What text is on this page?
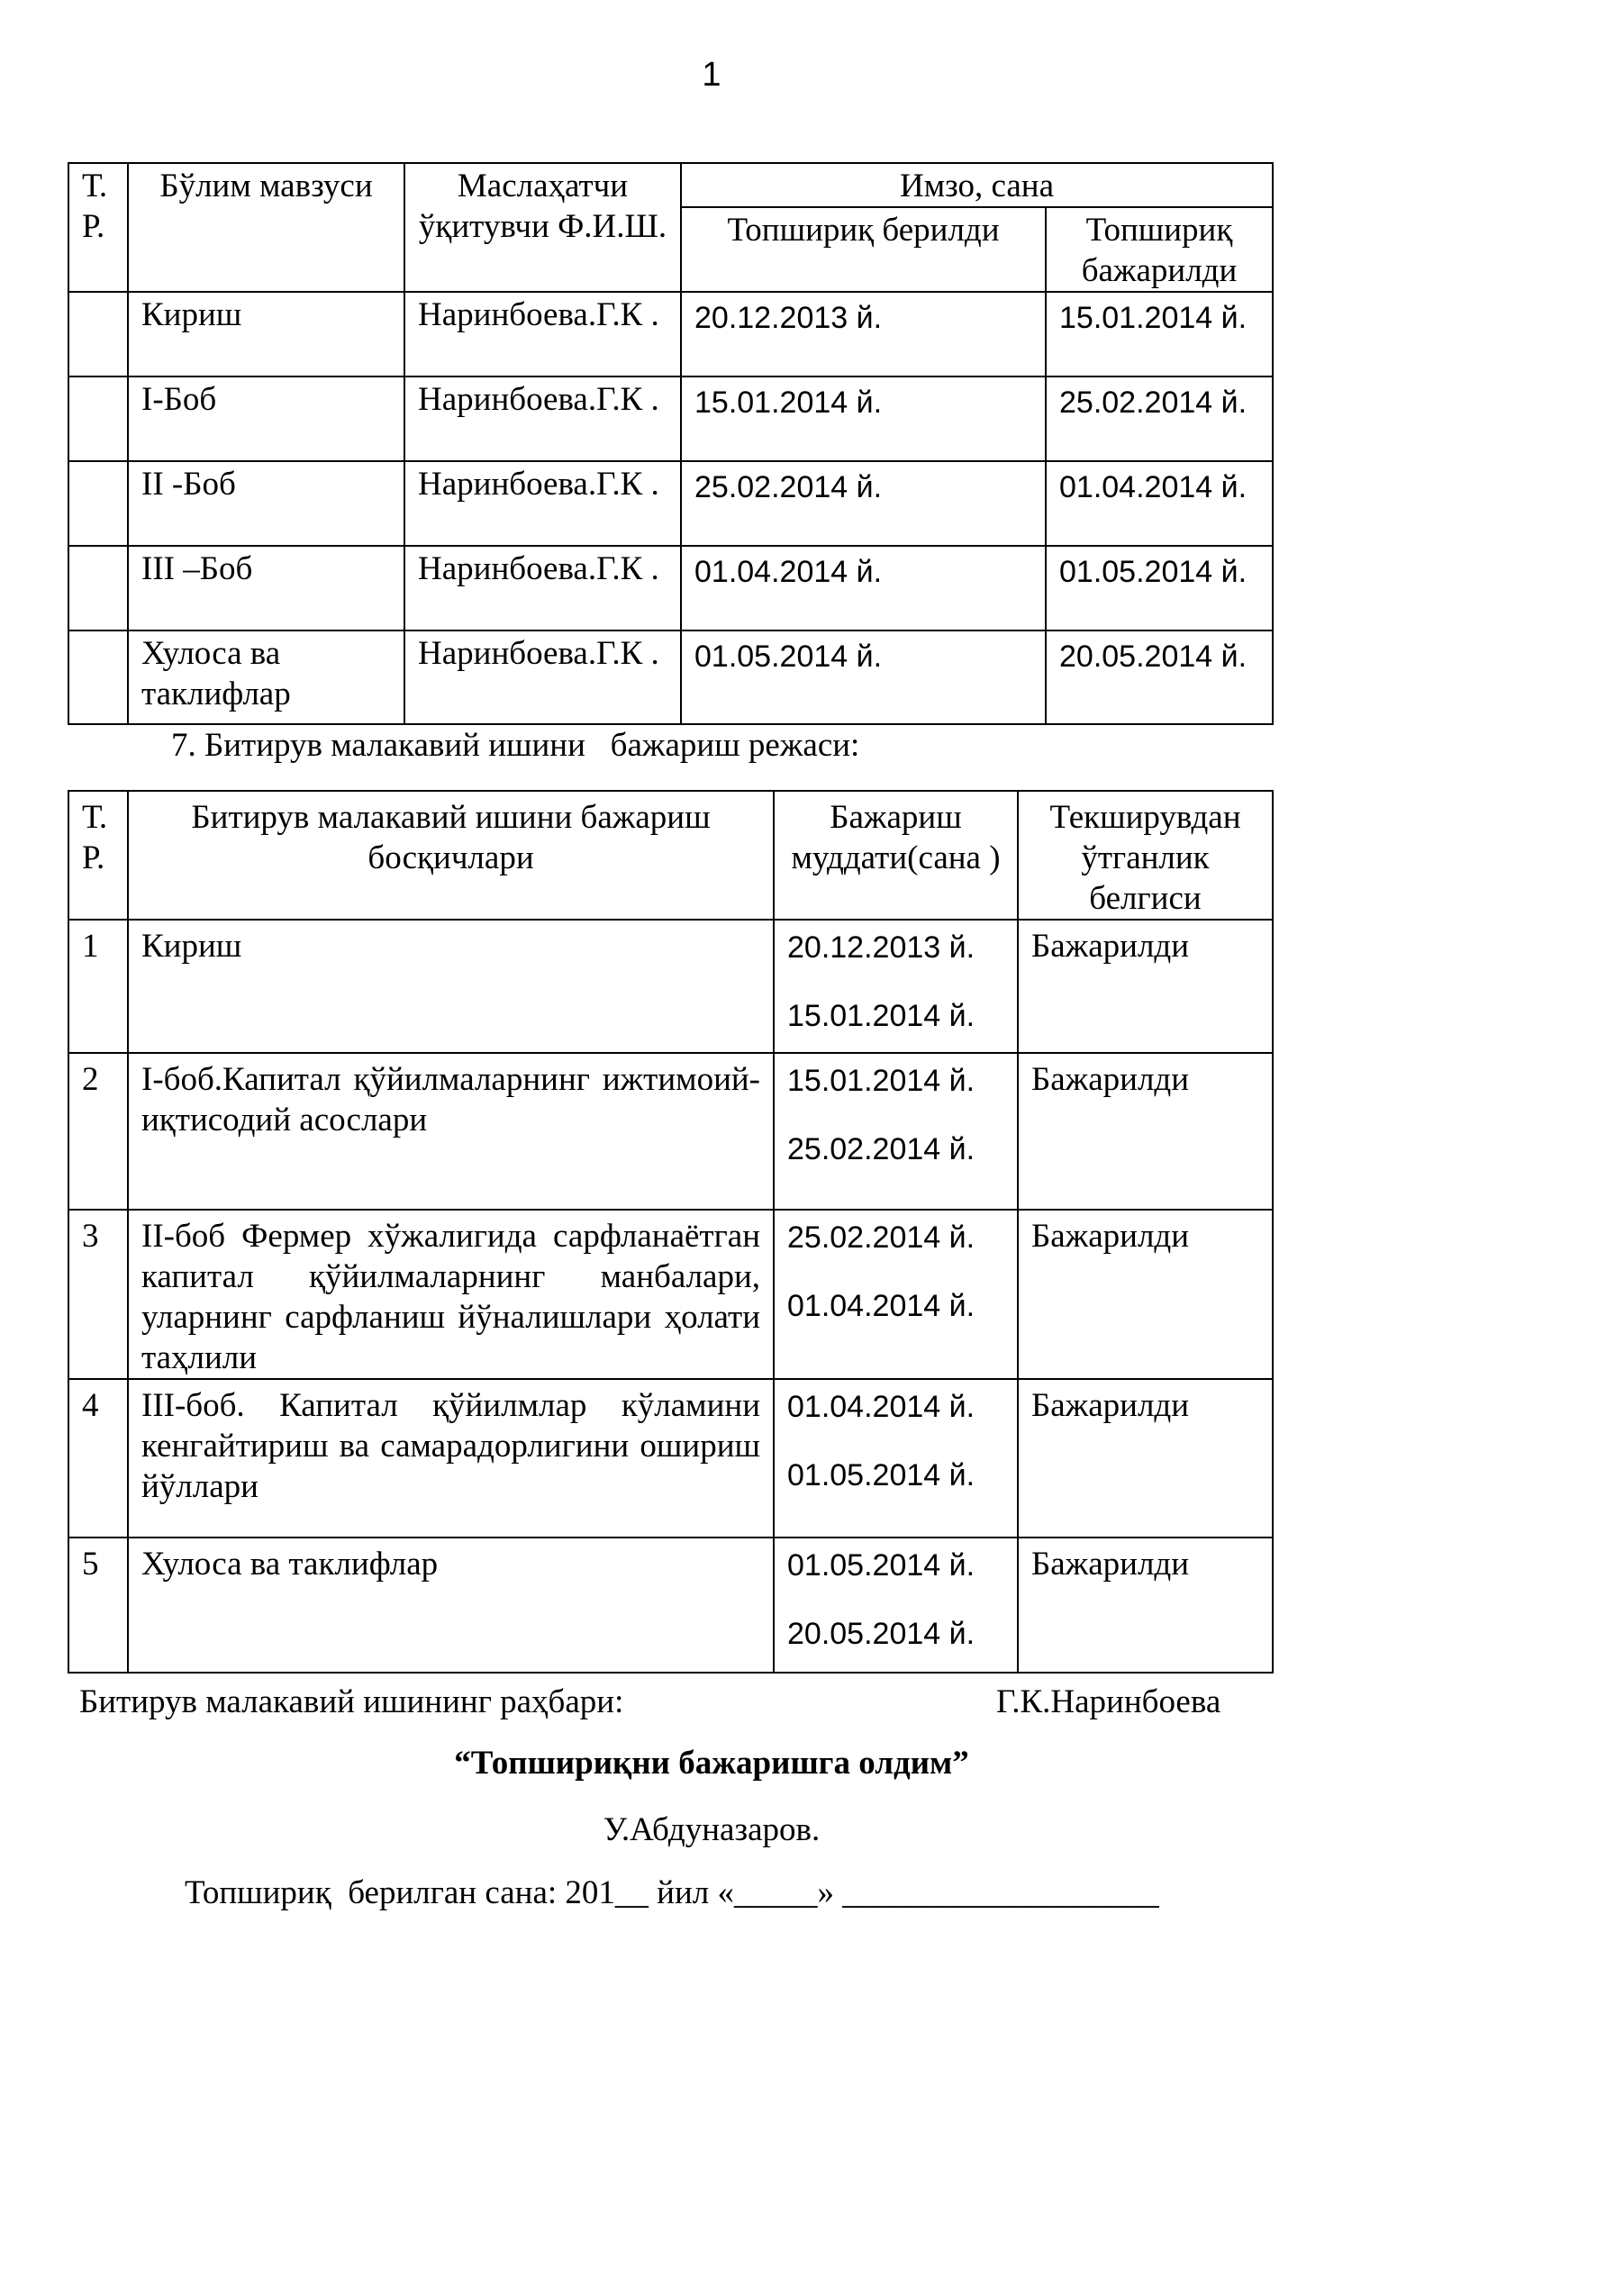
1
Т. Р.	Бўлим мавзуси	Маслаҳатчи ўқитувчи Ф.И.Ш.	Имзо, сана	
			Топшириқ берилди	Топшириқ бажарилди
	Кириш	Наринбоева.Г.К .	20.12.2013 й.	15.01.2014 й.
	I-Боб	Наринбоева.Г.К .	15.01.2014 й.	25.02.2014 й.
	II -Боб	Наринбоева.Г.К .	25.02.2014 й.	01.04.2014 й.
	III –Боб	Наринбоева.Г.К .	01.04.2014 й.	01.05.2014 й.
	Хулоса ва таклифлар	Наринбоева.Г.К .	01.05.2014 й.	20.05.2014 й.
7. Битирув малакавий ишини   бажариш режаси:
Т. Р.	Битирув малакавий ишини бажариш босқичлари	Бажариш муддати(сана )	Текширувдан ўтганлик белгиси
1	Кириш	20.12.2013 й.
15.01.2014 й.	Бажарилди
2	I-боб.Капитал қўйилмаларнинг ижтимоий-иқтисодий асослари	15.01.2014 й.
25.02.2014 й.	Бажарилди
3	II-боб Фермер хўжалигида сарфланаётган капитал қўйилмаларнинг манбалари, уларнинг сарфланиш йўналишлари ҳолати таҳлили	25.02.2014 й.
01.04.2014 й.	Бажарилди
4	III-боб. Капитал қўйилмлар кўламини кенгайтириш ва самарадорлигини ошириш йўллари	01.04.2014 й.
01.05.2014 й.	Бажарилди
5	Хулоса ва таклифлар	01.05.2014 й.
20.05.2014 й.	Бажарилди
Битирув малакавий ишининг раҳбари:	Г.К.Наринбоева
“Топшириқни бажаришга олдим”
У.Абдуназаров.
Топшириқ  берилган сана: 201__ йил «_____» ___________________
